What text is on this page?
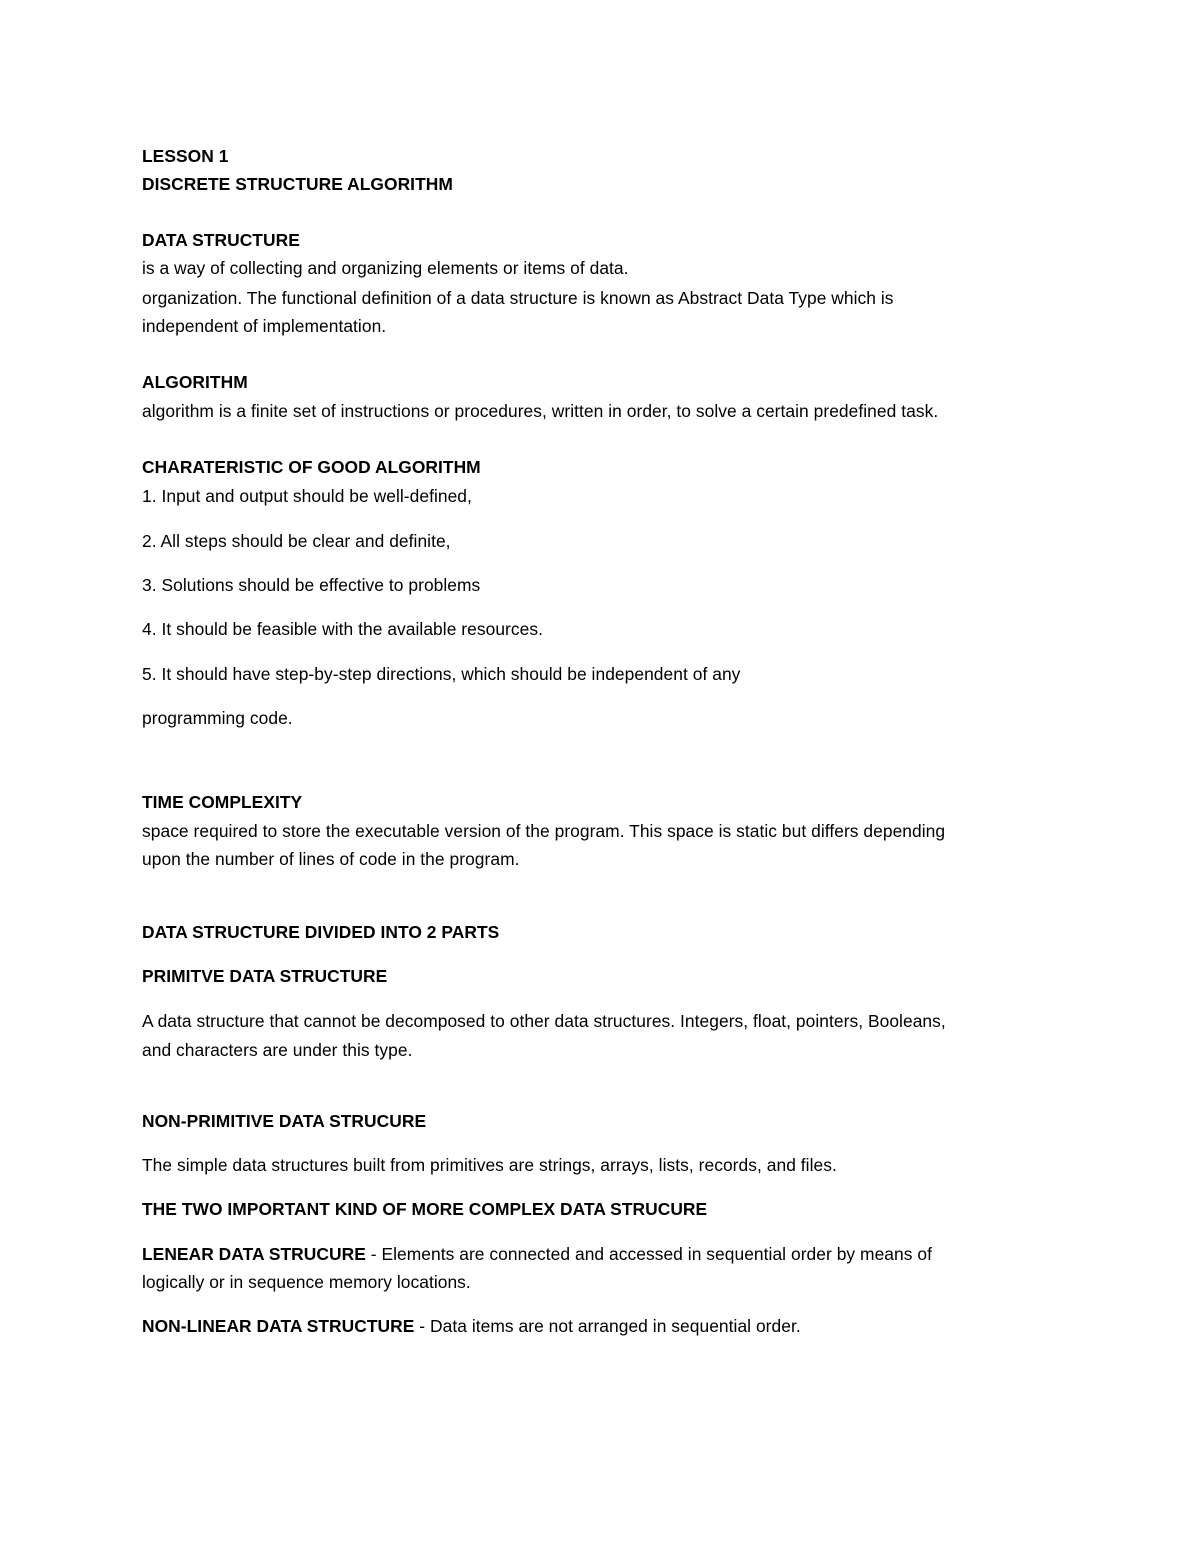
LESSON 1
DISCRETE STRUCTURE ALGORITHM
DATA STRUCTURE
is a way of collecting and organizing elements or items of data.
organization. The functional definition of a data structure is known as Abstract Data Type which is
independent of implementation.
ALGORITHM
algorithm is a finite set of instructions or procedures, written in order, to solve a certain predefined task.
CHARATERISTIC OF GOOD ALGORITHM
1. Input and output should be well-defined,
2. All steps should be clear and definite,
3. Solutions should be effective to problems
4. It should be feasible with the available resources.
5. It should have step-by-step directions, which should be independent of any
programming code.
TIME COMPLEXITY
space required to store the executable version of the program. This space is static but differs depending
upon the number of lines of code in the program.
DATA STRUCTURE DIVIDED INTO 2 PARTS
PRIMITVE DATA STRUCTURE
A data structure that cannot be decomposed to other data structures. Integers, float, pointers, Booleans,
and characters are under this type.
NON-PRIMITIVE DATA STRUCURE
The simple data structures built from primitives are strings, arrays, lists, records, and files.
THE TWO IMPORTANT KIND OF MORE COMPLEX DATA STRUCURE
LENEAR DATA STRUCURE - Elements are connected and accessed in sequential order by means of
logically or in sequence memory locations.
NON-LINEAR DATA STRUCTURE - Data items are not arranged in sequential order.
